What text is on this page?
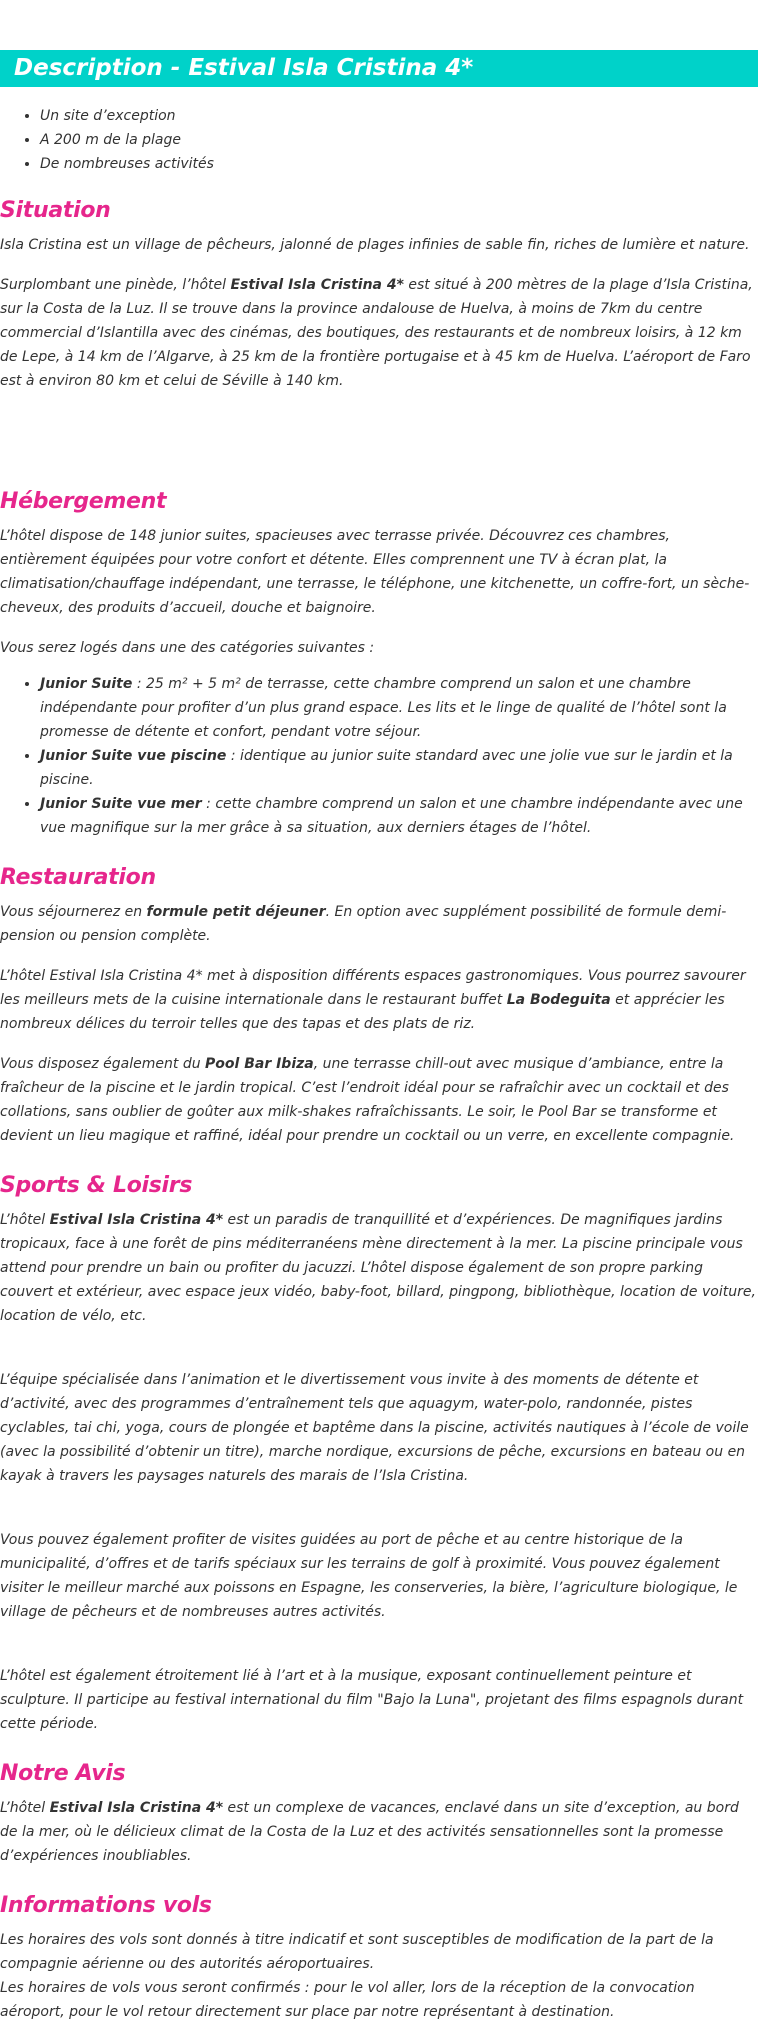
Description - Estival Isla Cristina 4*
• Un site d’exception
• A 200 m de la plage
• De nombreuses activités
Situation

Isla Cristina est un village de pêcheurs, jalonné de plages infinies de sable fin, riches de lumière et nature.

Surplombant une pinède, l’hôtel Estival Isla Cristina 4* est situé à 200 mètres de la plage d’Isla Cristina, sur la Costa de la Luz. Il se trouve dans la province andalouse de Huelva, à moins de 7km du centre commercial d’Islantilla avec des cinémas, des boutiques, des restaurants et de nombreux loisirs, à 12 km de Lepe, à 14 km de l’Algarve, à 25 km de la frontière portugaise et à 45 km de Huelva. L’aéroport de Faro est à environ 80 km et celui de Séville à 140 km.

Hébergement

L’hôtel dispose de 148 junior suites, spacieuses avec terrasse privée. Découvrez ces chambres, entièrement équipées pour votre confort et détente. Elles comprennent une TV à écran plat, la climatisation/chauffage indépendant, une terrasse, le téléphone, une kitchenette, un coffre-fort, un sèche-cheveux, des produits d’accueil, douche et baignoire.

Vous serez logés dans une des catégories suivantes :

• Junior Suite : 25 m² + 5 m² de terrasse, cette chambre comprend un salon et une chambre indépendante pour profiter d’un plus grand espace. Les lits et le linge de qualité de l’hôtel sont la promesse de détente et confort, pendant votre séjour.
• Junior Suite vue piscine : identique au junior suite standard avec une jolie vue sur le jardin et la piscine.
• Junior Suite vue mer : cette chambre comprend un salon et une chambre indépendante avec une vue magnifique sur la mer grâce à sa situation, aux derniers étages de l’hôtel.
Restauration

Vous séjournerez en formule petit déjeuner. En option avec supplément possibilité de formule demi-pension ou pension complète.

L’hôtel Estival Isla Cristina 4* met à disposition différents espaces gastronomiques. Vous pourrez savourer les meilleurs mets de la cuisine internationale dans le restaurant buffet La Bodeguita et apprécier les nombreux délices du terroir telles que des tapas et des plats de riz.

Vous disposez également du Pool Bar Ibiza, une terrasse chill-out avec musique d’ambiance, entre la fraîcheur de la piscine et le jardin tropical. C’est l’endroit idéal pour se rafraîchir avec un cocktail et des collations, sans oublier de goûter aux milk-shakes rafraîchissants. Le soir, le Pool Bar se transforme et devient un lieu magique et raffiné, idéal pour prendre un cocktail ou un verre, en excellente compagnie.

Sports & Loisirs

L’hôtel Estival Isla Cristina 4* est un paradis de tranquillité et d’expériences. De magnifiques jardins tropicaux, face à une forêt de pins méditerranéens mène directement à la mer. La piscine principale vous attend pour prendre un bain ou profiter du jacuzzi. L’hôtel dispose également de son propre parking couvert et extérieur, avec espace jeux vidéo, baby-foot, billard, pingpong, bibliothèque, location de voiture, location de vélo, etc.

L’équipe spécialisée dans l’animation et le divertissement vous invite à des moments de détente et d’activité, avec des programmes d’entraînement tels que aquagym, water-polo, randonnée, pistes cyclables, tai chi, yoga, cours de plongée et baptême dans la piscine, activités nautiques à l’école de voile (avec la possibilité d’obtenir un titre), marche nordique, excursions de pêche, excursions en bateau ou en kayak à travers les paysages naturels des marais de l’Isla Cristina.

Vous pouvez également profiter de visites guidées au port de pêche et au centre historique de la municipalité, d’offres et de tarifs spéciaux sur les terrains de golf à proximité. Vous pouvez également visiter le meilleur marché aux poissons en Espagne, les conserveries, la bière, l’agriculture biologique, le village de pêcheurs et de nombreuses autres activités.

L’hôtel est également étroitement lié à l’art et à la musique, exposant continuellement peinture et sculpture. Il participe au festival international du film "Bajo la Luna", projetant des films espagnols durant cette période.

Notre Avis

L’hôtel Estival Isla Cristina 4* est un complexe de vacances, enclavé dans un site d’exception, au bord de la mer, où le délicieux climat de la Costa de la Luz et des activités sensationnelles sont la promesse d’expériences inoubliables.

Informations vols

Les horaires des vols sont donnés à titre indicatif et sont susceptibles de modification de la part de la compagnie aérienne ou des autorités aéroportuaires.
Les horaires de vols vous seront confirmés : pour le vol aller, lors de la réception de la convocation aéroport, pour le vol retour directement sur place par notre représentant à destination.
